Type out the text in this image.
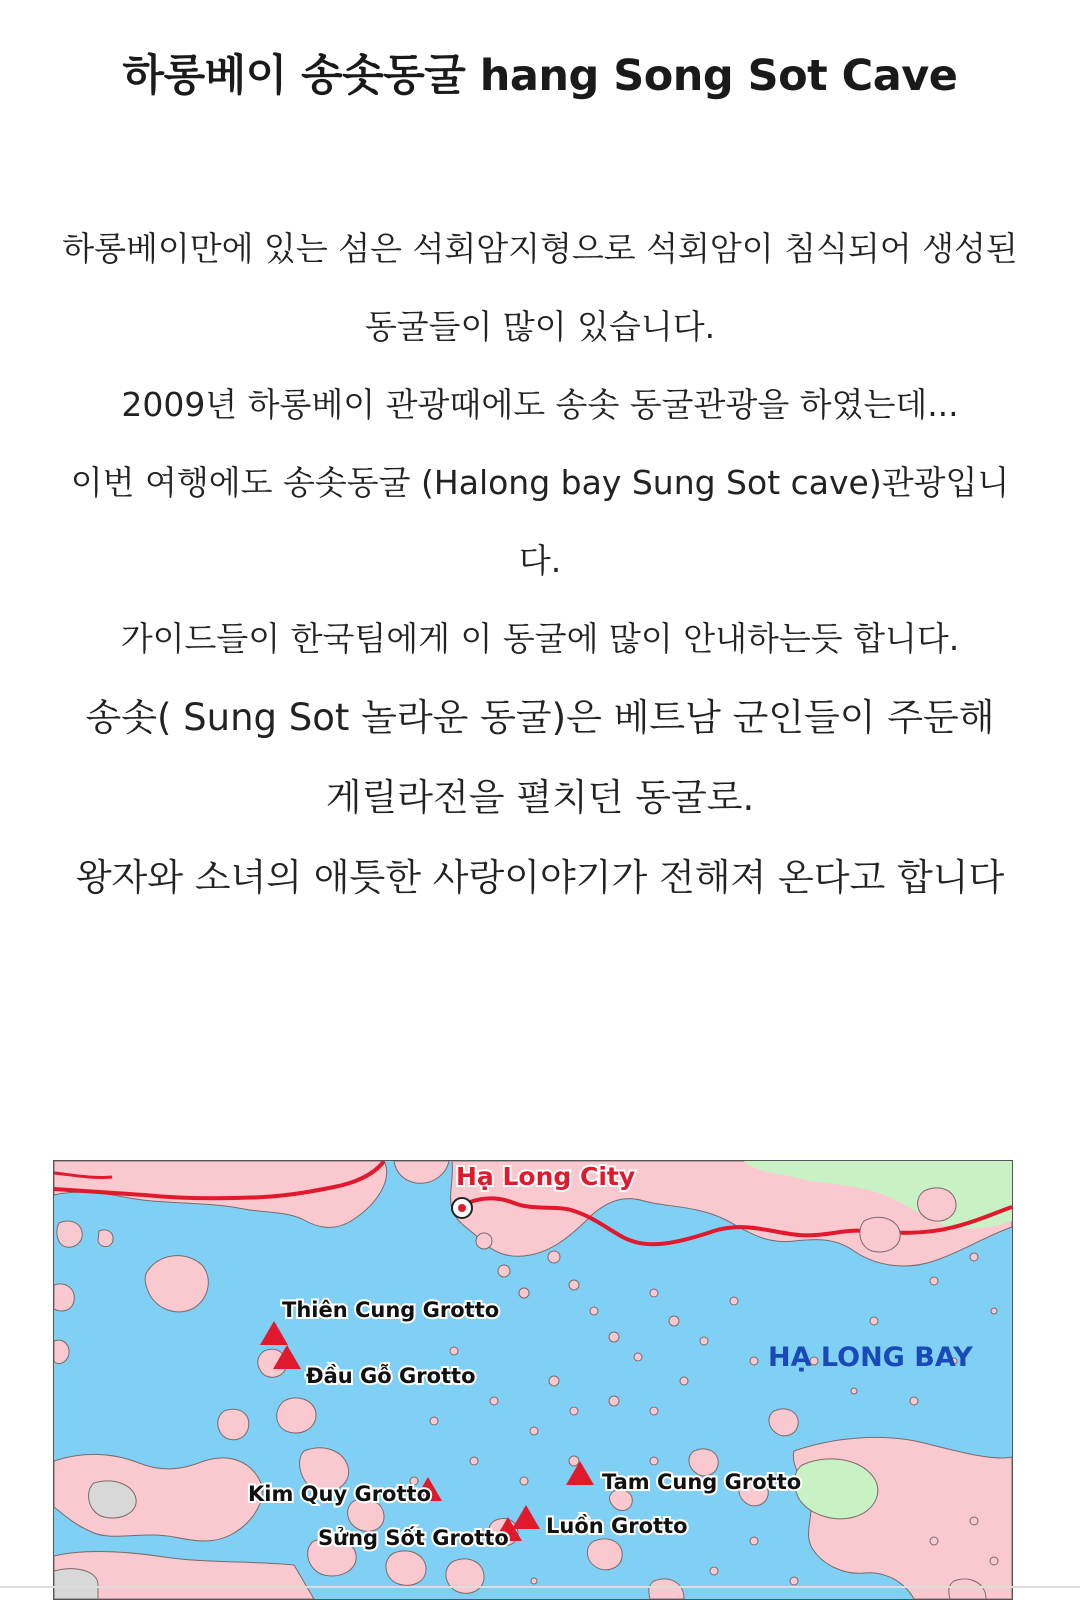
하롱베이 송솟동굴 hang Song Sot Cave

하롱베이만에 있는 섬은 석회암지형으로 석회암이 침식되어 생성된 동굴들이 많이 있습니다.

2009년 하롱베이 관광때에도 송솟 동굴관광을 하였는데...

이번 여행에도 송솟동굴 (Halong bay Sung Sot cave)관광입니다.

가이드들이 한국팀에게 이 동굴에 많이 안내하는듯 합니다.

송솟( Sung Sot 놀라운 동굴)은 베트남 군인들이 주둔해 게릴라전을 펼치던 동굴로.

왕자와 소녀의 애틋한 사랑이야기가 전해져 온다고 합니다

Hạ Long City
HẠ LONG BAY
Thiên Cung Grotto
Đầu Gỗ Grotto
Kim Quy Grotto	Tam Cung Grotto
Sửng Sốt Grotto Luồn Grotto
